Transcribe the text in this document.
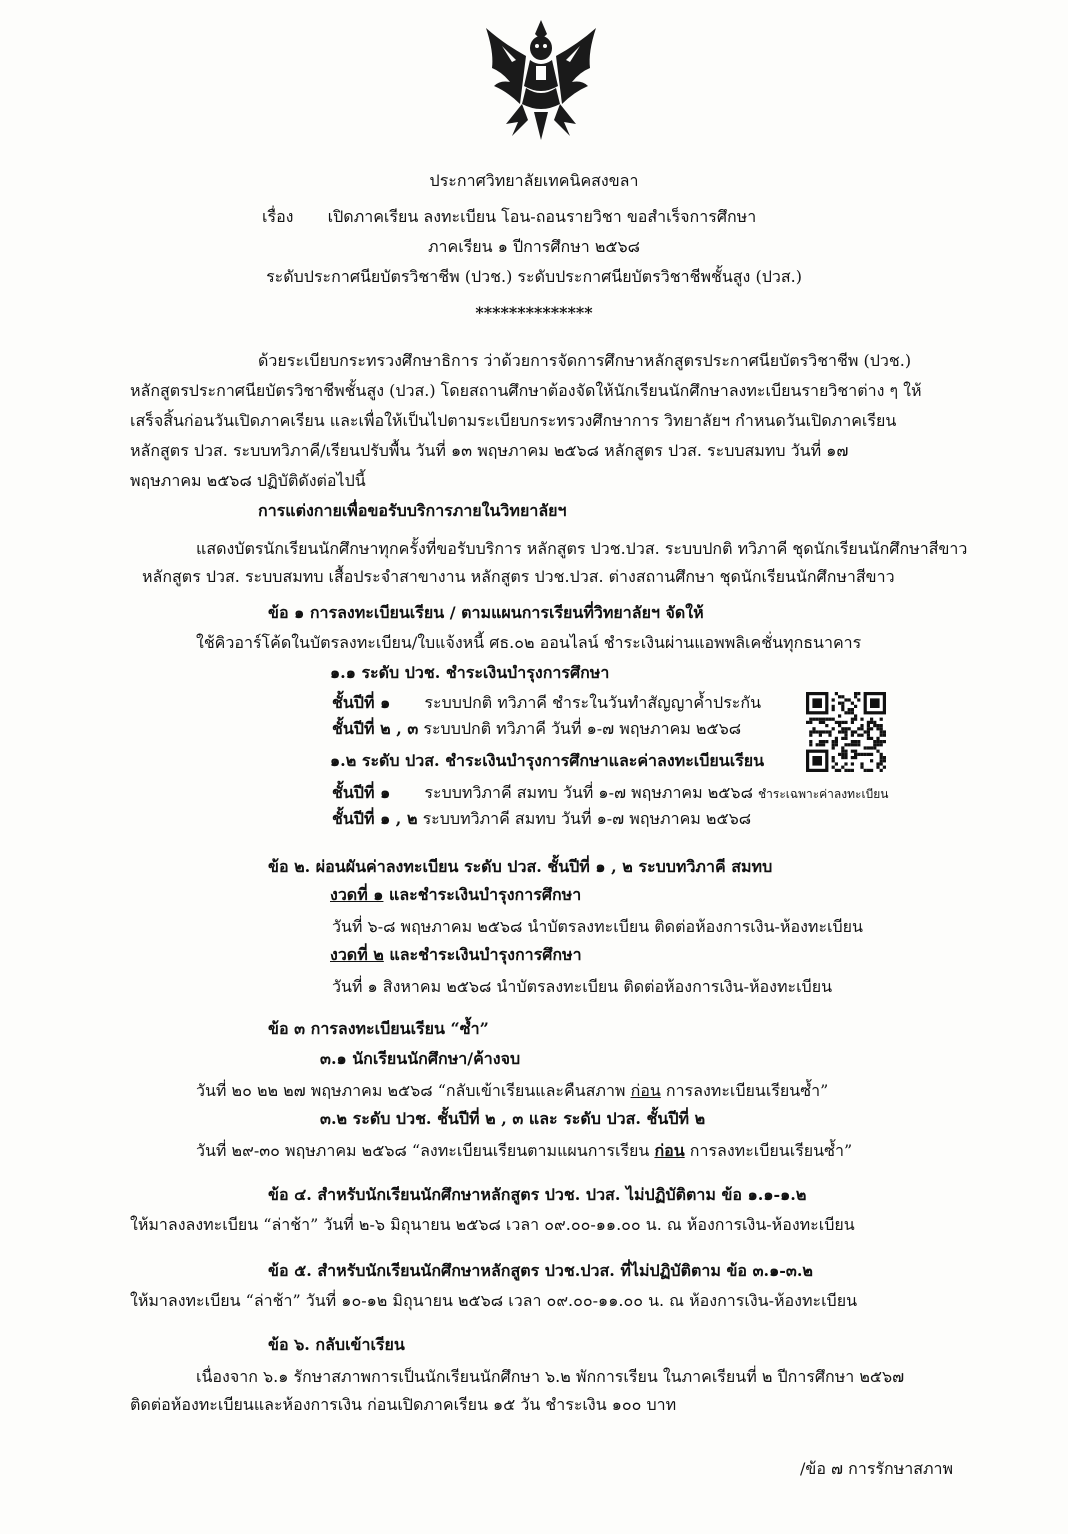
ประกาศวิทยาลัยเทคนิคสงขลา
เรื่อง เปิดภาคเรียน ลงทะเบียน โอน-ถอนรายวิชา ขอสำเร็จการศึกษา
ภาคเรียน ๑ ปีการศึกษา ๒๕๖๘
ระดับประกาศนียบัตรวิชาชีพ (ปวช.) ระดับประกาศนียบัตรวิชาชีพชั้นสูง (ปวส.)
**************
ด้วยระเบียบกระทรวงศึกษาธิการ ว่าด้วยการจัดการศึกษาหลักสูตรประกาศนียบัตรวิชาชีพ (ปวช.)
หลักสูตรประกาศนียบัตรวิชาชีพชั้นสูง (ปวส.) โดยสถานศึกษาต้องจัดให้นักเรียนนักศึกษาลงทะเบียนรายวิชาต่าง ๆ ให้
เสร็จสิ้นก่อนวันเปิดภาคเรียน และเพื่อให้เป็นไปตามระเบียบกระทรวงศึกษาการ วิทยาลัยฯ กำหนดวันเปิดภาคเรียน
หลักสูตร ปวส. ระบบทวิภาคี/เรียนปรับพื้น วันที่ ๑๓ พฤษภาคม ๒๕๖๘ หลักสูตร ปวส. ระบบสมทบ วันที่ ๑๗
พฤษภาคม ๒๕๖๘ ปฏิบัติดังต่อไปนี้
การแต่งกายเพื่อขอรับบริการภายในวิทยาลัยฯ
แสดงบัตรนักเรียนนักศึกษาทุกครั้งที่ขอรับบริการ หลักสูตร ปวช.ปวส. ระบบปกติ ทวิภาคี ชุดนักเรียนนักศึกษาสีขาว
หลักสูตร ปวส. ระบบสมทบ เสื้อประจำสาขางาน หลักสูตร ปวช.ปวส. ต่างสถานศึกษา ชุดนักเรียนนักศึกษาสีขาว
ข้อ ๑ การลงทะเบียนเรียน / ตามแผนการเรียนที่วิทยาลัยฯ จัดให้
ใช้คิวอาร์โค้ดในบัตรลงทะเบียน/ใบแจ้งหนี้ ศธ.๐๒ ออนไลน์ ชำระเงินผ่านแอพพลิเคชั่นทุกธนาคาร
๑.๑ ระดับ ปวช. ชำระเงินบำรุงการศึกษา
ชั้นปีที่ ๑ ระบบปกติ ทวิภาคี ชำระในวันทำสัญญาค้ำประกัน
ชั้นปีที่ ๒ , ๓ ระบบปกติ ทวิภาคี วันที่ ๑-๗ พฤษภาคม ๒๕๖๘
๑.๒ ระดับ ปวส. ชำระเงินบำรุงการศึกษาและค่าลงทะเบียนเรียน
ชั้นปีที่ ๑ ระบบทวิภาคี สมทบ วันที่ ๑-๗ พฤษภาคม ๒๕๖๘ ชำระเฉพาะค่าลงทะเบียน
ชั้นปีที่ ๑ , ๒ ระบบทวิภาคี สมทบ วันที่ ๑-๗ พฤษภาคม ๒๕๖๘
ข้อ ๒. ผ่อนผันค่าลงทะเบียน ระดับ ปวส. ชั้นปีที่ ๑ , ๒ ระบบทวิภาคี สมทบ
งวดที่ ๑ และชำระเงินบำรุงการศึกษา
วันที่ ๖-๘ พฤษภาคม ๒๕๖๘ นำบัตรลงทะเบียน ติดต่อห้องการเงิน-ห้องทะเบียน
งวดที่ ๒ และชำระเงินบำรุงการศึกษา
วันที่ ๑ สิงหาคม ๒๕๖๘ นำบัตรลงทะเบียน ติดต่อห้องการเงิน-ห้องทะเบียน
ข้อ ๓ การลงทะเบียนเรียน “ซ้ำ”
๓.๑ นักเรียนนักศึกษา/ค้างจบ
วันที่ ๒๐ ๒๒ ๒๗ พฤษภาคม ๒๕๖๘ “กลับเข้าเรียนและคืนสภาพ ก่อน การลงทะเบียนเรียนซ้ำ”
๓.๒ ระดับ ปวช. ชั้นปีที่ ๒ , ๓ และ ระดับ ปวส. ชั้นปีที่ ๒
วันที่ ๒๙-๓๐ พฤษภาคม ๒๕๖๘ “ลงทะเบียนเรียนตามแผนการเรียน ก่อน การลงทะเบียนเรียนซ้ำ”
ข้อ ๔. สำหรับนักเรียนนักศึกษาหลักสูตร ปวช. ปวส. ไม่ปฏิบัติตาม ข้อ ๑.๑-๑.๒
ให้มาลงลงทะเบียน “ล่าช้า” วันที่ ๒-๖ มิถุนายน ๒๕๖๘ เวลา ๐๙.๐๐-๑๑.๐๐ น. ณ ห้องการเงิน-ห้องทะเบียน
ข้อ ๕. สำหรับนักเรียนนักศึกษาหลักสูตร ปวช.ปวส. ที่ไม่ปฏิบัติตาม ข้อ ๓.๑-๓.๒
ให้มาลงทะเบียน “ล่าช้า” วันที่ ๑๐-๑๒ มิถุนายน ๒๕๖๘ เวลา ๐๙.๐๐-๑๑.๐๐ น. ณ ห้องการเงิน-ห้องทะเบียน
ข้อ ๖. กลับเข้าเรียน
เนื่องจาก ๖.๑ รักษาสภาพการเป็นนักเรียนนักศึกษา ๖.๒ พักการเรียน ในภาคเรียนที่ ๒ ปีการศึกษา ๒๕๖๗
ติดต่อห้องทะเบียนและห้องการเงิน ก่อนเปิดภาคเรียน ๑๕ วัน ชำระเงิน ๑๐๐ บาท
/ข้อ ๗ การรักษาสภาพ
